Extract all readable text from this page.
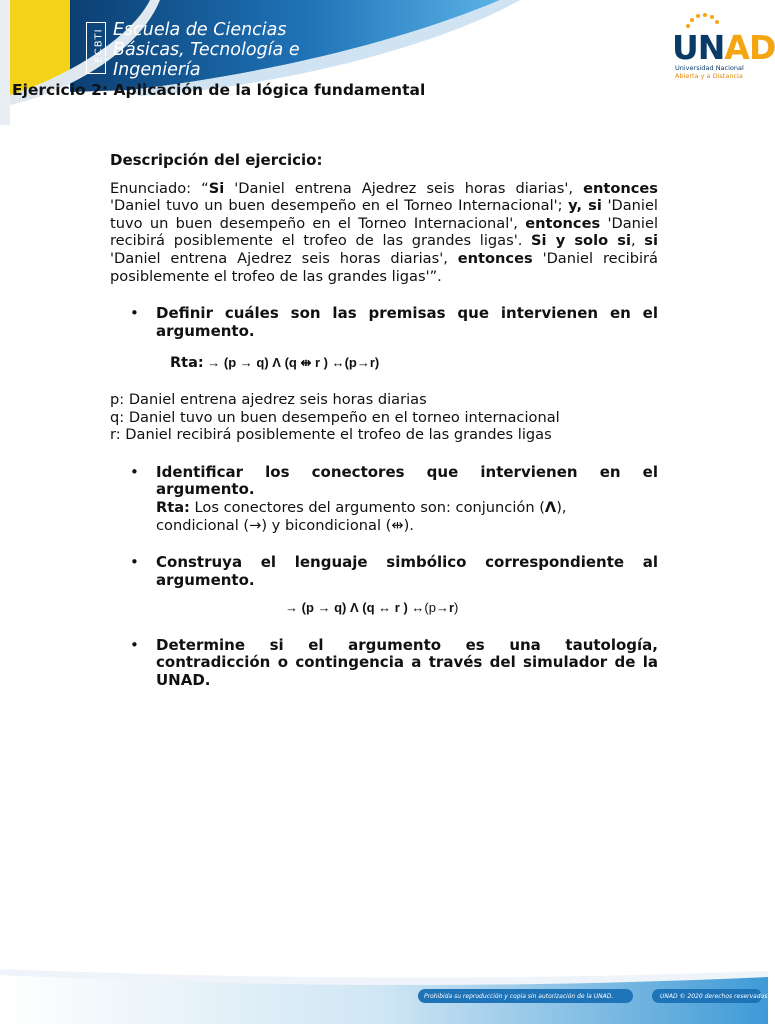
ECBTI Escuela de Ciencias
Básicas, Tecnología e
Ingeniería
UNAD
Universidad Nacional
Abierta y a Distancia
Ejercicio 2: Aplicación de la lógica fundamental
Descripción del ejercicio:

Enunciado: “Si 'Daniel entrena Ajedrez seis horas diarias', entonces 'Daniel tuvo un buen desempeño en el Torneo Internacional'; y, si 'Daniel tuvo un buen desempeño en el Torneo Internacional', entonces 'Daniel recibirá posiblemente el trofeo de las grandes ligas'. Si y solo si, si 'Daniel entrena Ajedrez seis horas diarias', entonces 'Daniel recibirá posiblemente el trofeo de las grandes ligas'”.

• Definir cuáles son las premisas que intervienen en el argumento.
Rta: → (p → q) Λ (q ⇹ r ) ↔(p→r)
p: Daniel entrena ajedrez seis horas diarias
q: Daniel tuvo un buen desempeño en el torneo internacional
r: Daniel recibirá posiblemente el trofeo de las grandes ligas
• Identificar los conectores que intervienen en el argumento.
Rta: Los conectores del argumento son: conjunción (Λ),
condicional (→) y bicondicional (⇹).
• Construya el lenguaje simbólico correspondiente al argumento.
→ (p → q) Λ (q ↔ r ) ↔(p→r)
• Determine si el argumento es una tautología, contradicción o contingencia a través del simulador de la UNAD.
Prohibida su reproducción y copia sin autorización de la UNAD.	UNAD © 2020 derechos reservados.
